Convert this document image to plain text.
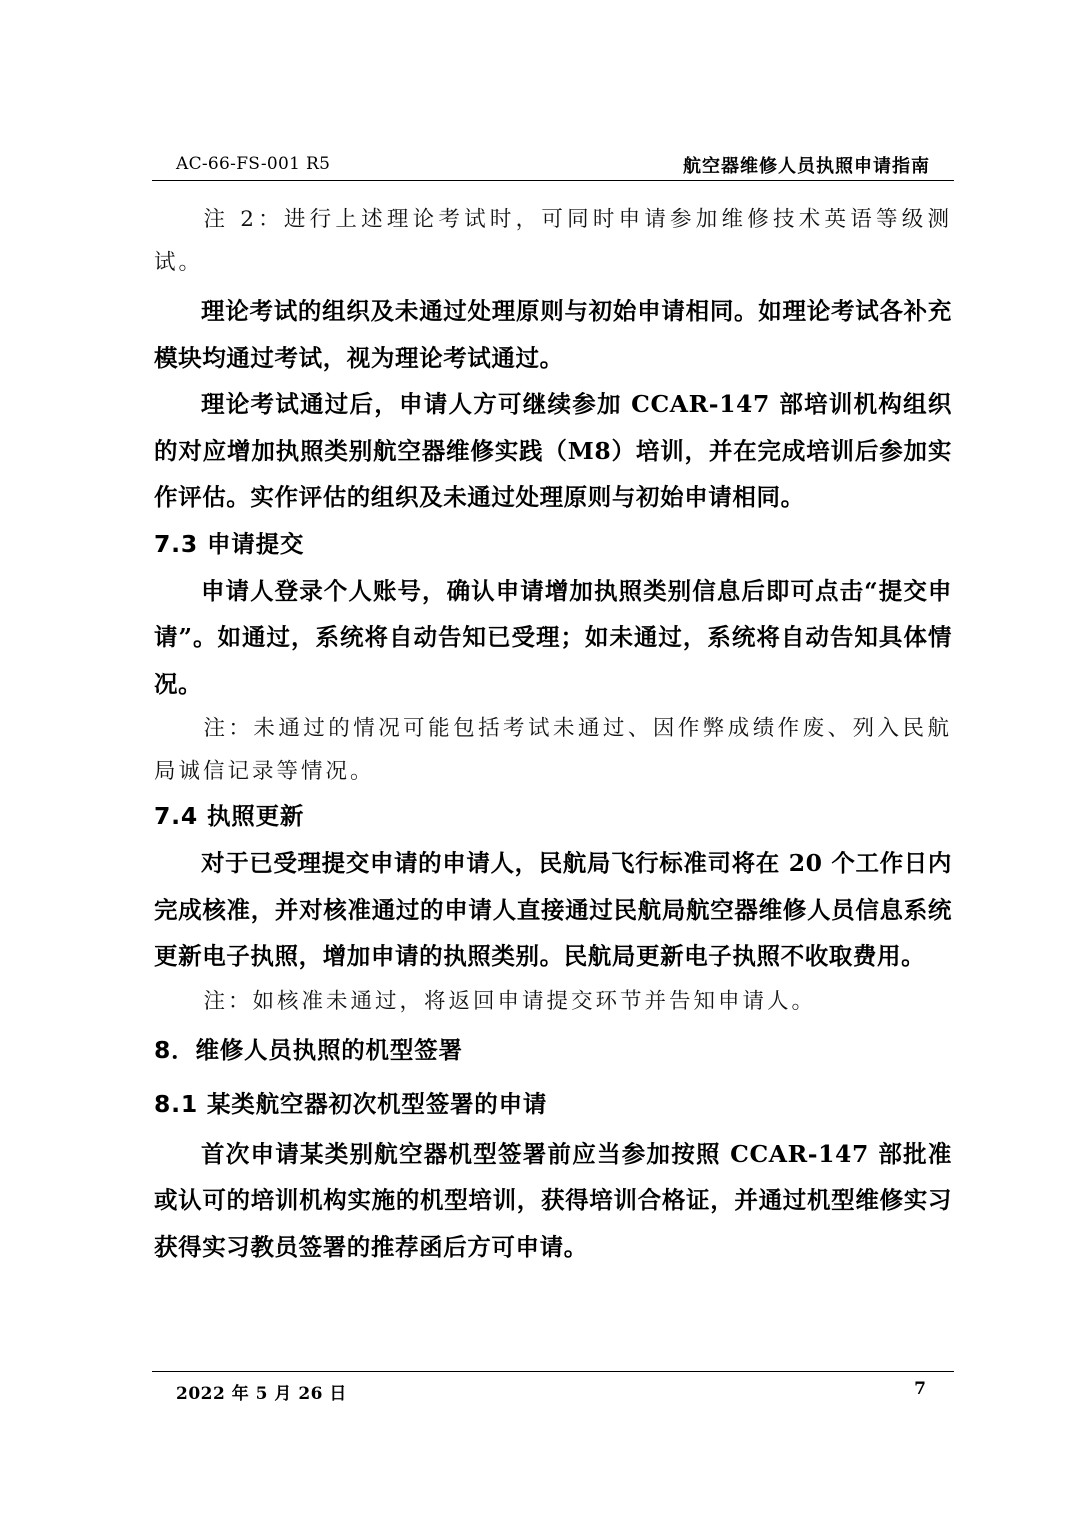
AC-66-FS-001 R5	航空器维修人员执照申请指南

注 2：进行上述理论考试时，可同时申请参加维修技术英语等级测试。

理论考试的组织及未通过处理原则与初始申请相同。如理论考试各补充模块均通过考试，视为理论考试通过。

理论考试通过后，申请人方可继续参加 CCAR-147 部培训机构组织的对应增加执照类别航空器维修实践（M8）培训，并在完成培训后参加实作评估。实作评估的组织及未通过处理原则与初始申请相同。

7.3 申请提交

申请人登录个人账号，确认申请增加执照类别信息后即可点击“提交申请”。如通过，系统将自动告知已受理；如未通过，系统将自动告知具体情况。

注：未通过的情况可能包括考试未通过、因作弊成绩作废、列入民航局诚信记录等情况。

7.4 执照更新

对于已受理提交申请的申请人，民航局飞行标准司将在 20 个工作日内完成核准，并对核准通过的申请人直接通过民航局航空器维修人员信息系统更新电子执照，增加申请的执照类别。民航局更新电子执照不收取费用。

注：如核准未通过，将返回申请提交环节并告知申请人。

8．维修人员执照的机型签署
8.1 某类航空器初次机型签署的申请

首次申请某类别航空器机型签署前应当参加按照 CCAR-147 部批准或认可的培训机构实施的机型培训，获得培训合格证，并通过机型维修实习获得实习教员签署的推荐函后方可申请。

2022 年 5 月 26 日	7
